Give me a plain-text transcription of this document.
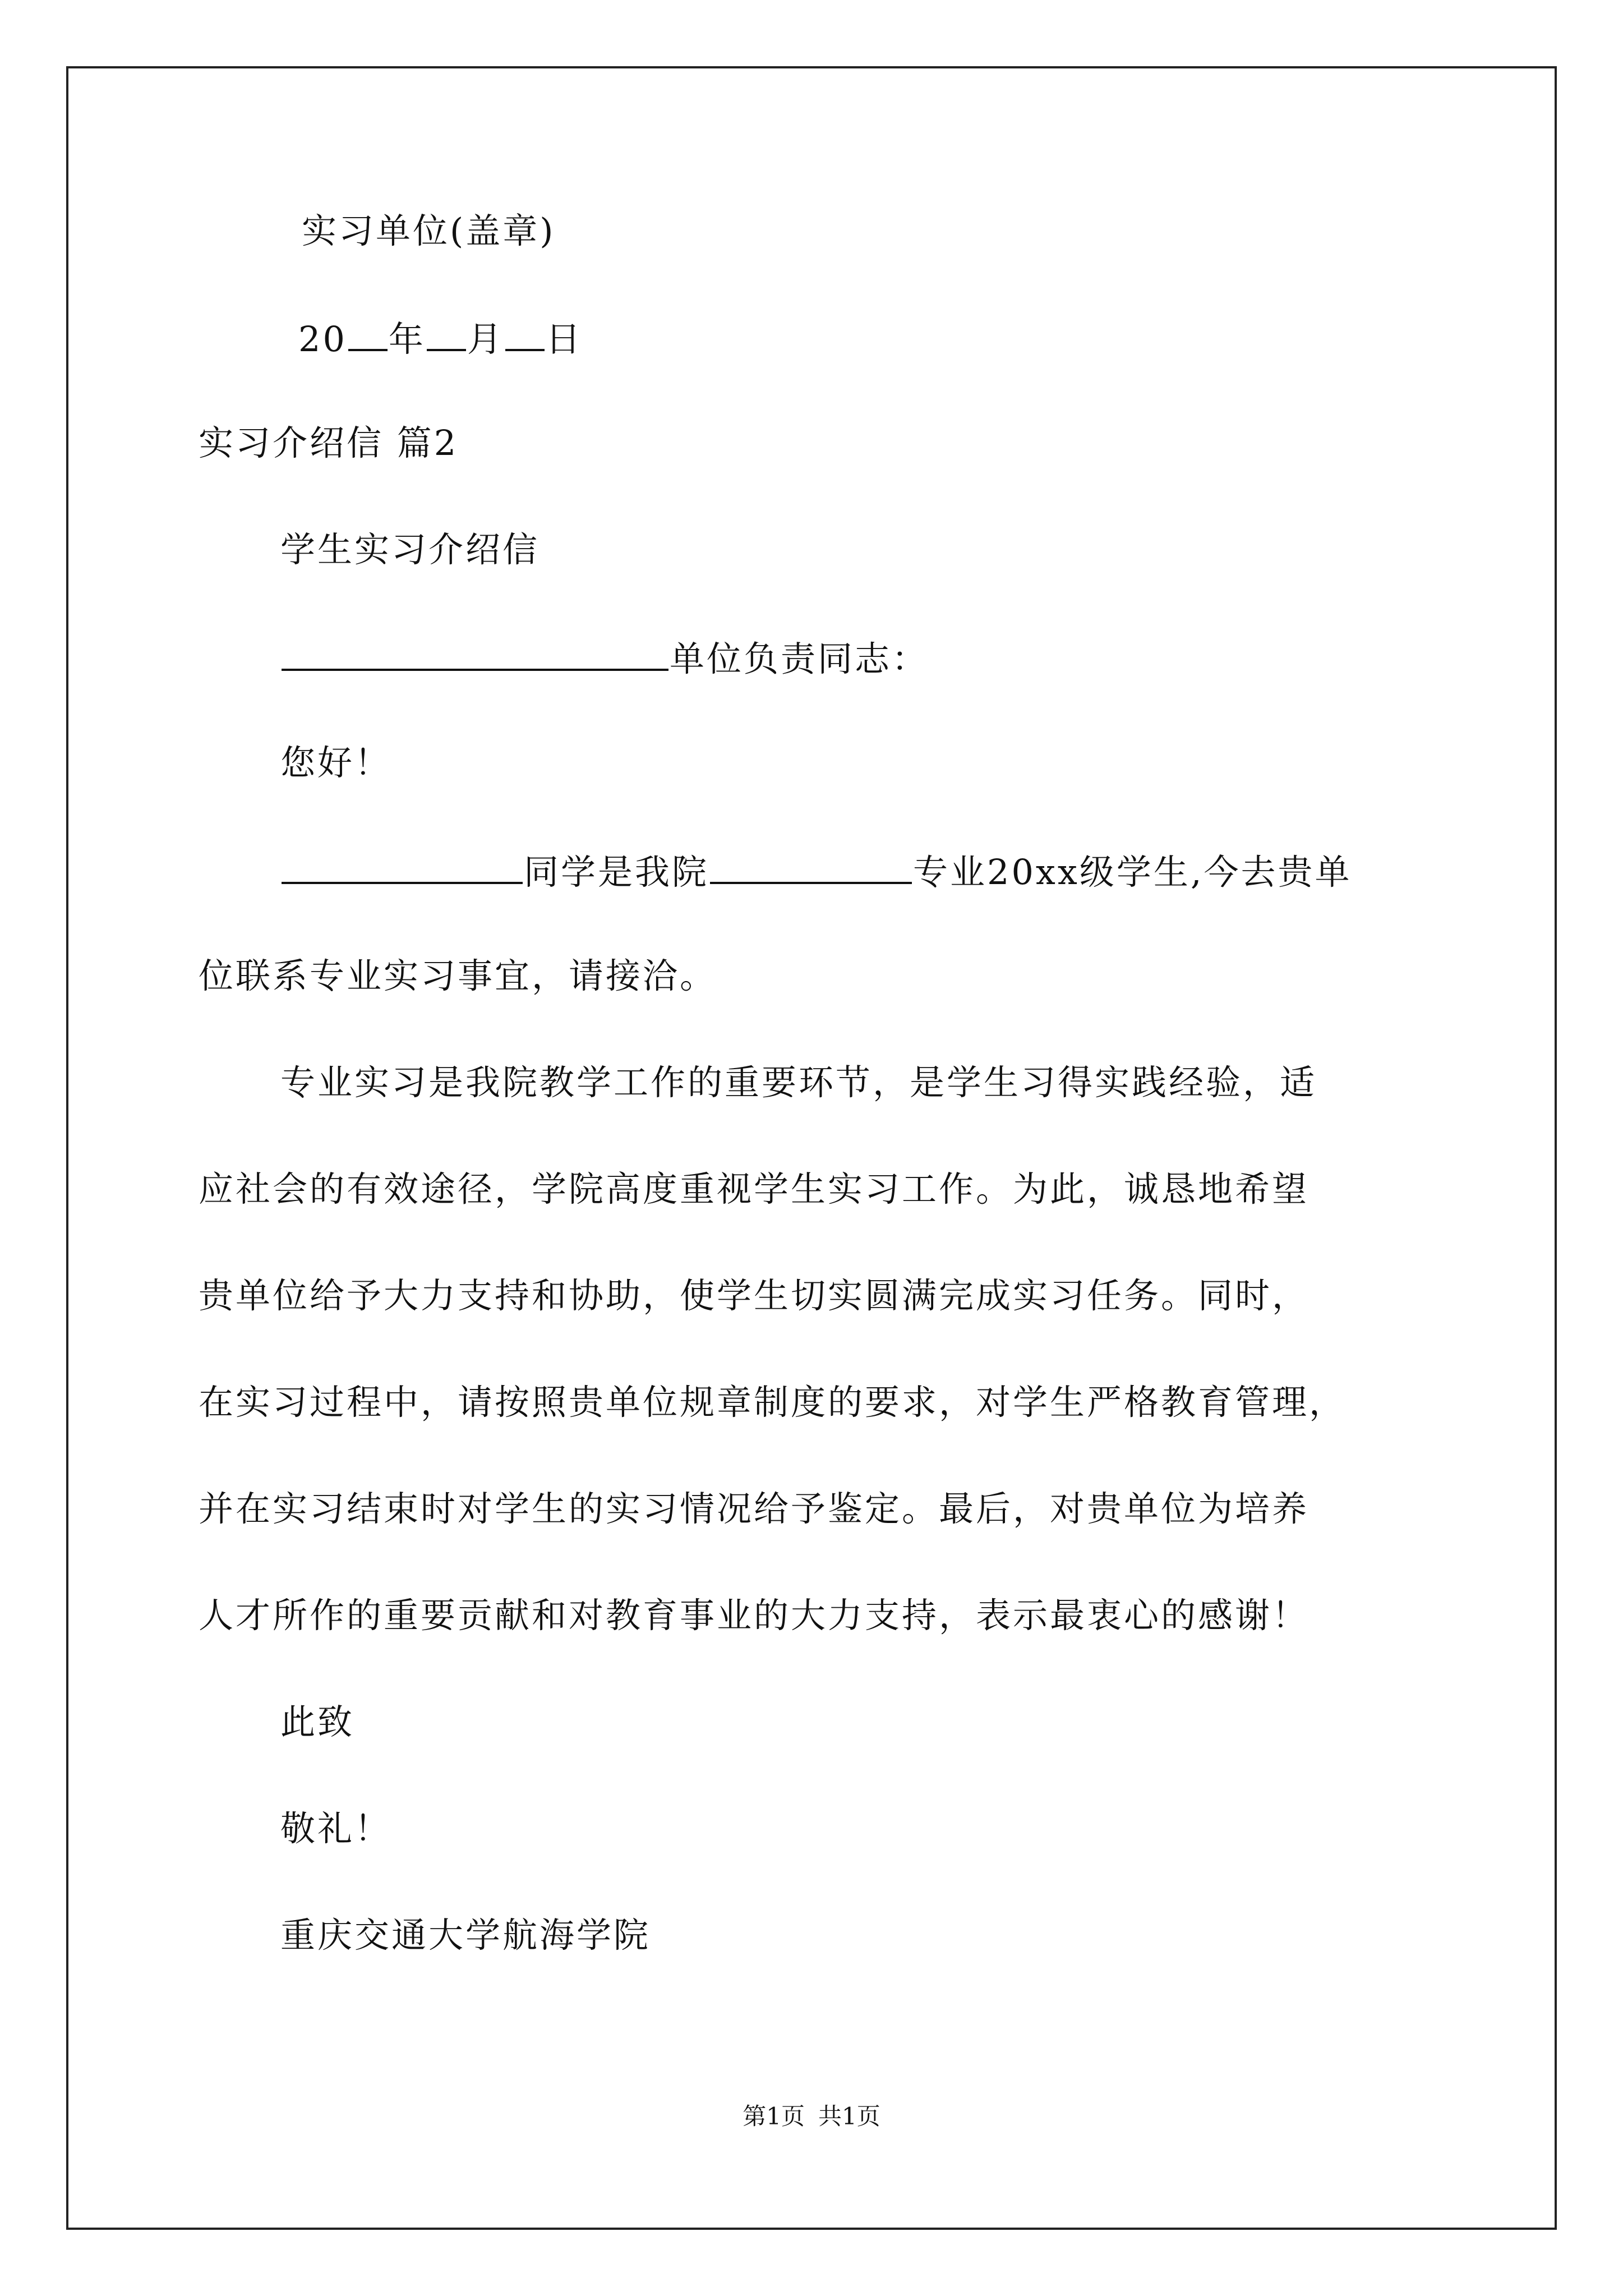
实习单位(盖章)
20 年 月 日
实习介绍信 篇2
学生实习介绍信
单位负责同志：
您好！
同学是我院	专业20xx级学生,今去贵单
位联系专业实习事宜，请接洽。
专业实习是我院教学工作的重要环节，是学生习得实践经验，适
应社会的有效途径，学院高度重视学生实习工作。为此，诚恳地希望
贵单位给予大力支持和协助，使学生切实圆满完成实习任务。同时，
在实习过程中，请按照贵单位规章制度的要求，对学生严格教育管理，
并在实习结束时对学生的实习情况给予鉴定。最后，对贵单位为培养
人才所作的重要贡献和对教育事业的大力支持，表示最衷心的感谢！
此致
敬礼！
重庆交通大学航海学院
第1页 共1页
